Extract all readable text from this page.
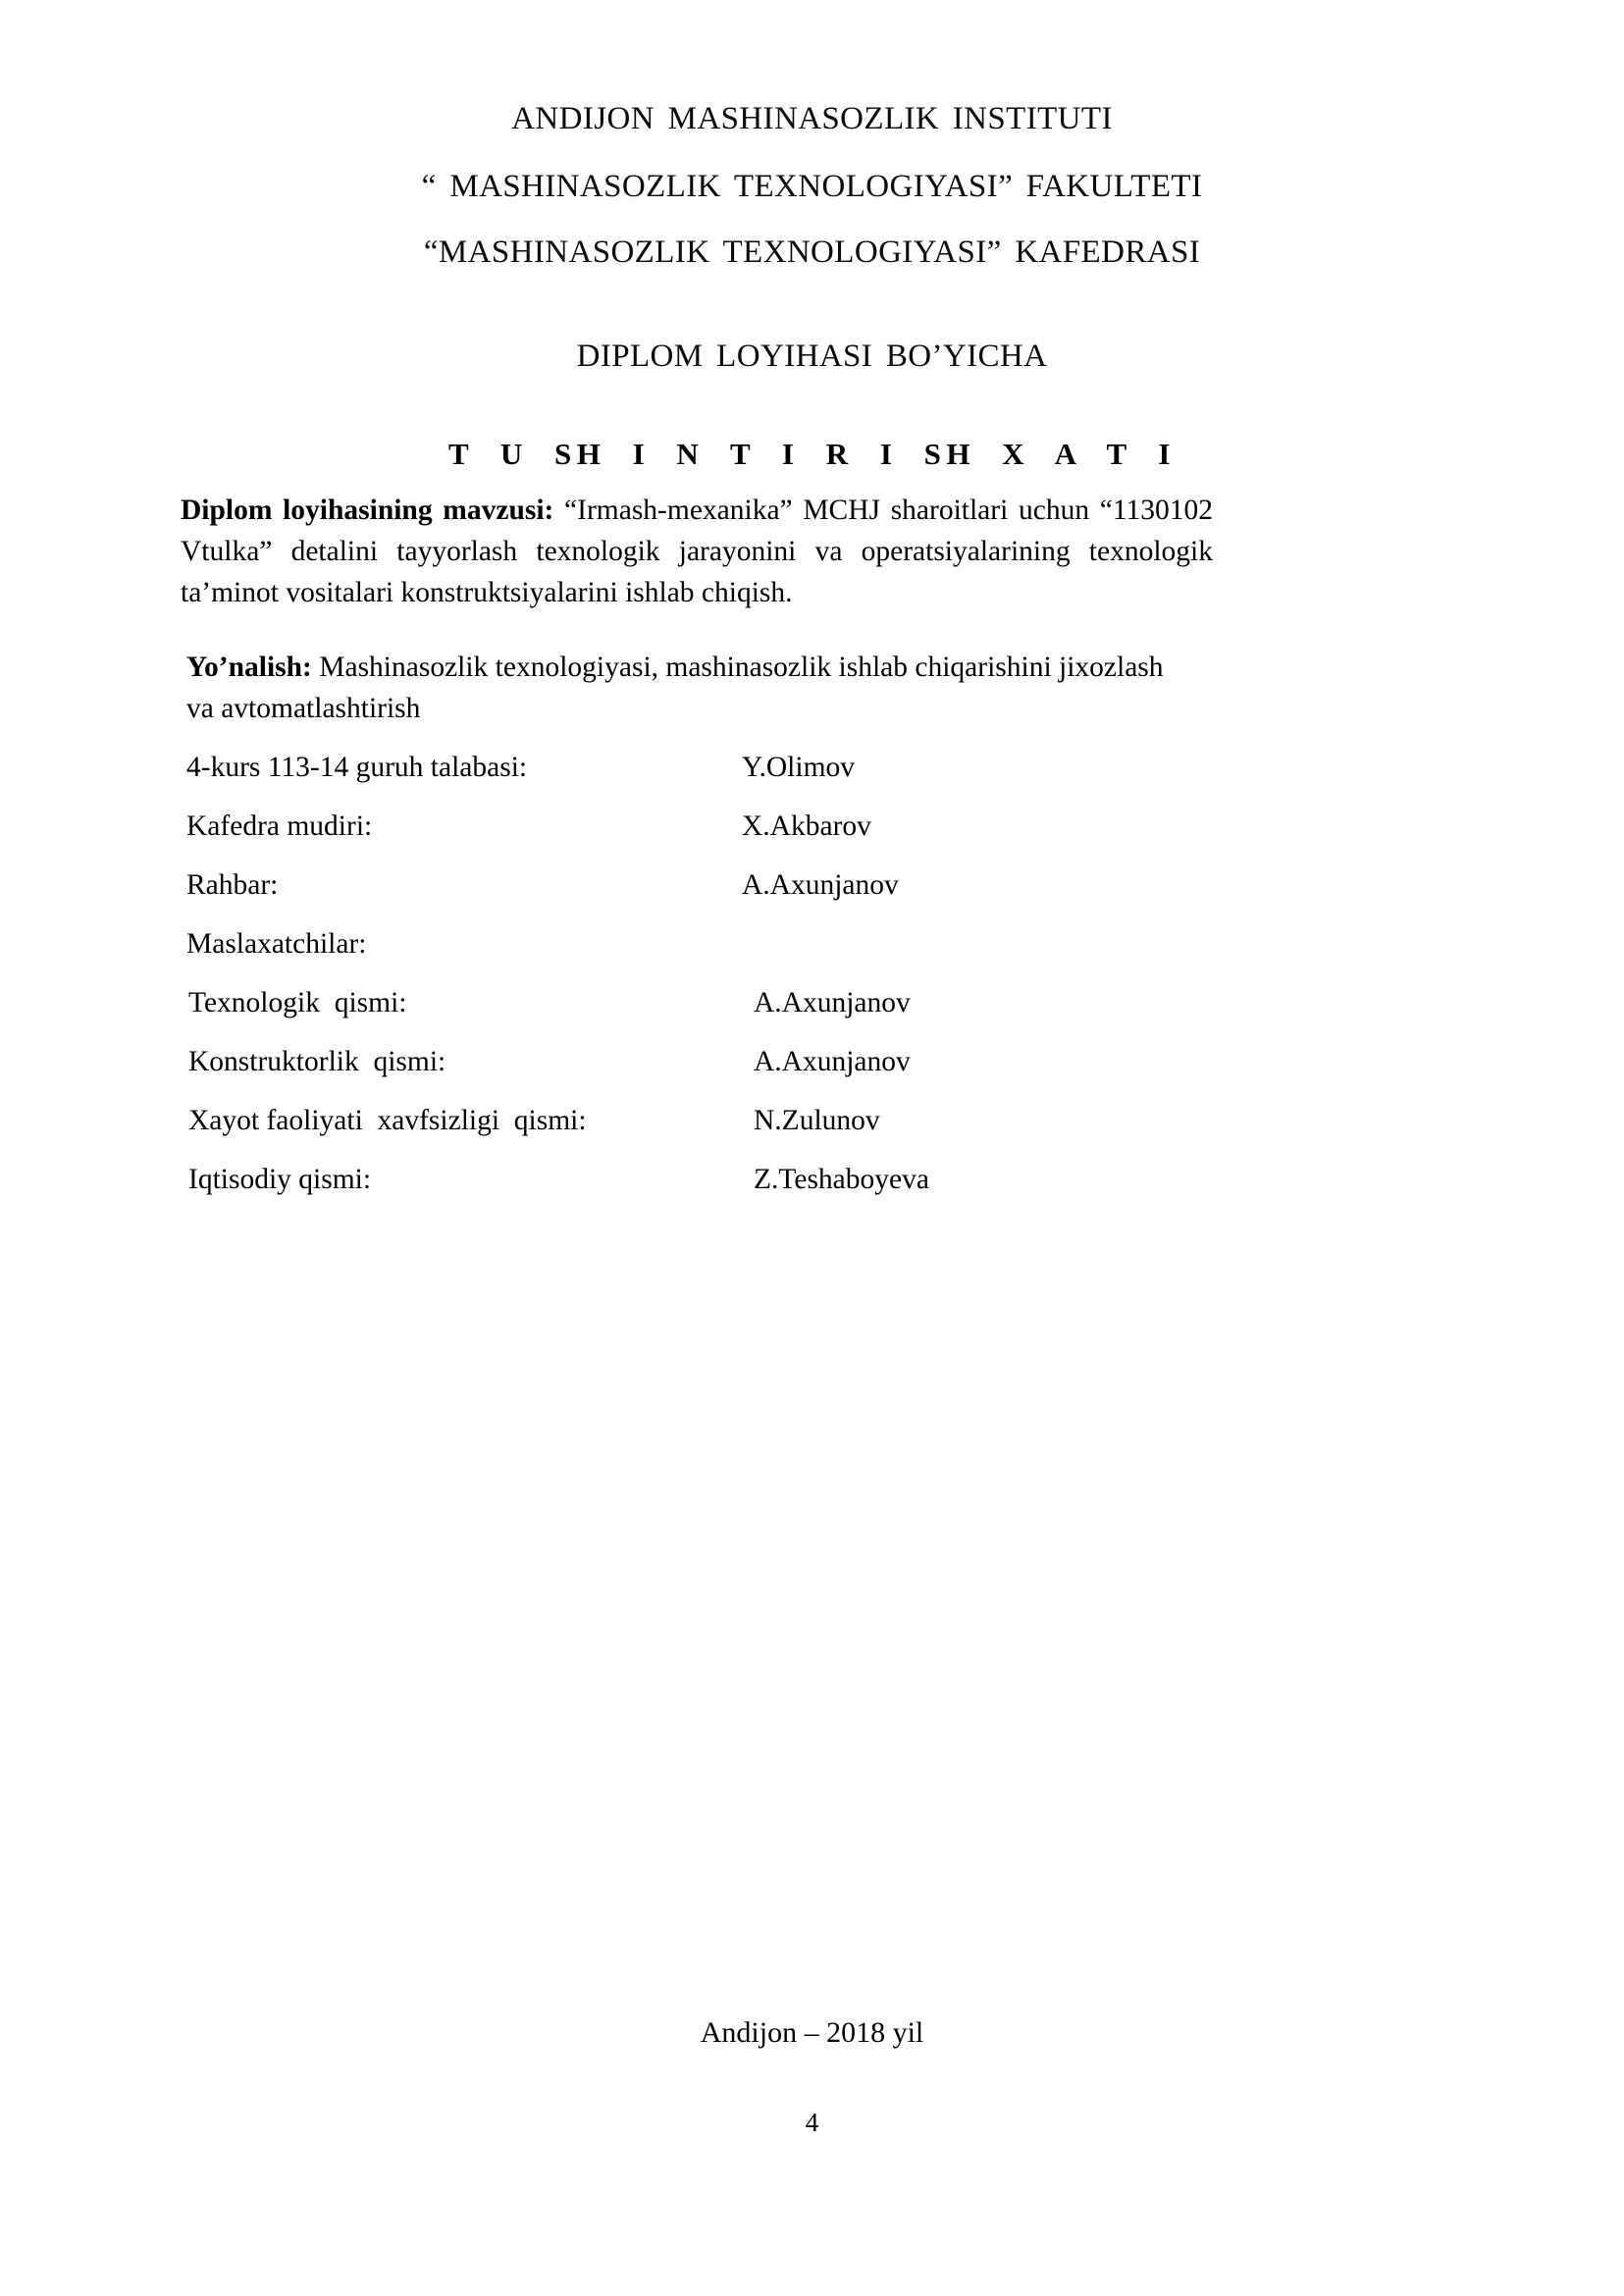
ANDIJON MASHINASOZLIK INSTITUTI
“ MASHINASOZLIK TEXNOLOGIYASI” FAKULTETI
“MASHINASOZLIK TEXNOLOGIYASI” KAFEDRASI
DIPLOM LOYIHASI BO’YICHA
T U SH I N T I R I SH X A T I

Diplom loyihasining mavzusi: “Irmash-mexanika” MCHJ sharoitlari uchun “1130102 Vtulka” detalini tayyorlash texnologik jarayonini va operatsiyalarining texnologik ta’minot vositalari konstruktsiyalarini ishlab chiqish.

Yo’nalish: Mashinasozlik texnologiyasi, mashinasozlik ishlab chiqarishini jixozlash va avtomatlashtirish

4-kurs 113-14 guruh talabasi:	Y.Olimov
Kafedra mudiri:	X.Akbarov
Rahbar:	A.Axunjanov
Maslaxatchilar:
Texnologik  qismi:	A.Axunjanov
Konstruktorlik  qismi:	A.Axunjanov
Xayot faoliyati  xavfsizligi  qismi:	N.Zulunov
Iqtisodiy qismi:	Z.Teshaboyeva
Andijon – 2018 yil
4
